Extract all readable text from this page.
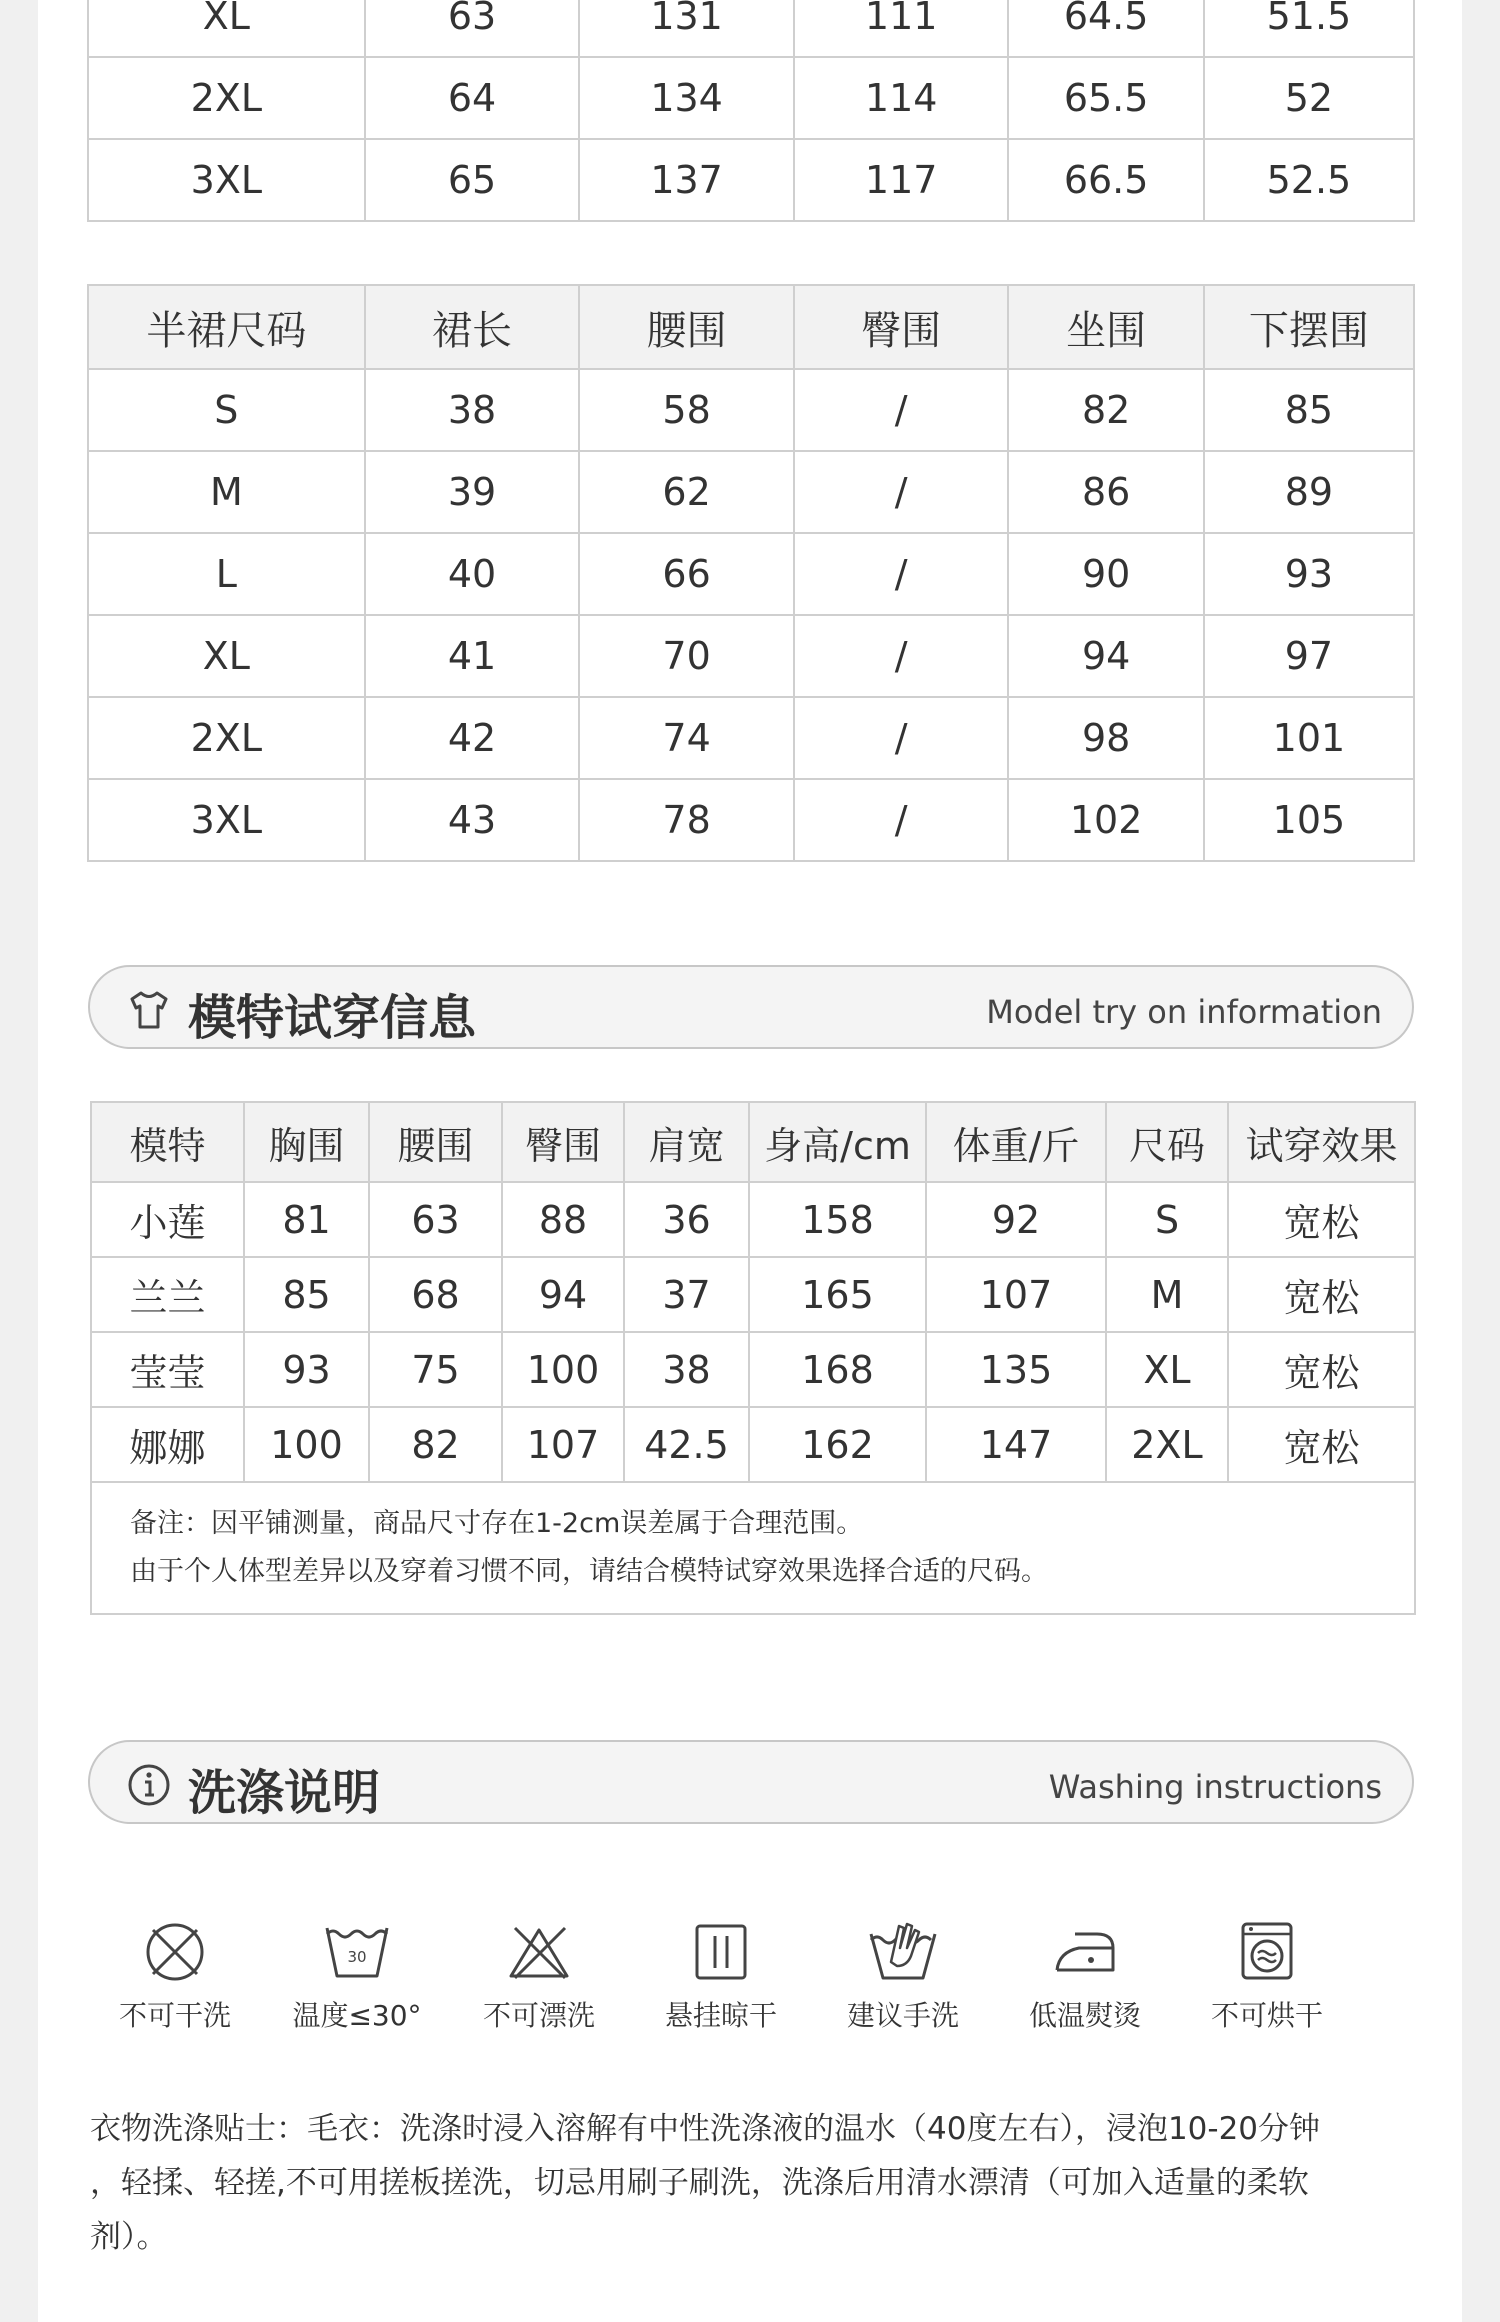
XL	63	131	111	64.5	51.5
2XL	64	134	114	65.5	52
3XL	65	137	117	66.5	52.5
半裙尺码	裙长	腰围	臀围	坐围	下摆围
S	38	58	/	82	85
M	39	62	/	86	89
L	40	66	/	90	93
XL	41	70	/	94	97
2XL	42	74	/	98	101
3XL	43	78	/	102	105
模特试穿信息	Model try on information
模特	胸围	腰围	臀围	肩宽	身高/cm	体重/斤	尺码	试穿效果
小莲	81	63	88	36	158	92	S	宽松
兰兰	85	68	94	37	165	107	M	宽松
莹莹	93	75	100	38	168	135	XL	宽松
娜娜	100	82	107	42.5	162	147	2XL	宽松

备注：因平铺测量，商品尺寸存在1-2cm误差属于合理范围。
由于个人体型差异以及穿着习惯不同，请结合模特试穿效果选择合适的尺码。								
洗涤说明	Washing instructions
不可干洗
30
温度≤30°	不可漂洗	悬挂晾干	建议手洗	低温熨烫	不可烘干
衣物洗涤贴士：毛衣：洗涤时浸入溶解有中性洗涤液的温水（40度左右），浸泡10-20分钟
，轻揉、轻搓,不可用搓板搓洗，切忌用刷子刷洗，洗涤后用清水漂清（可加入适量的柔软
剂）。
